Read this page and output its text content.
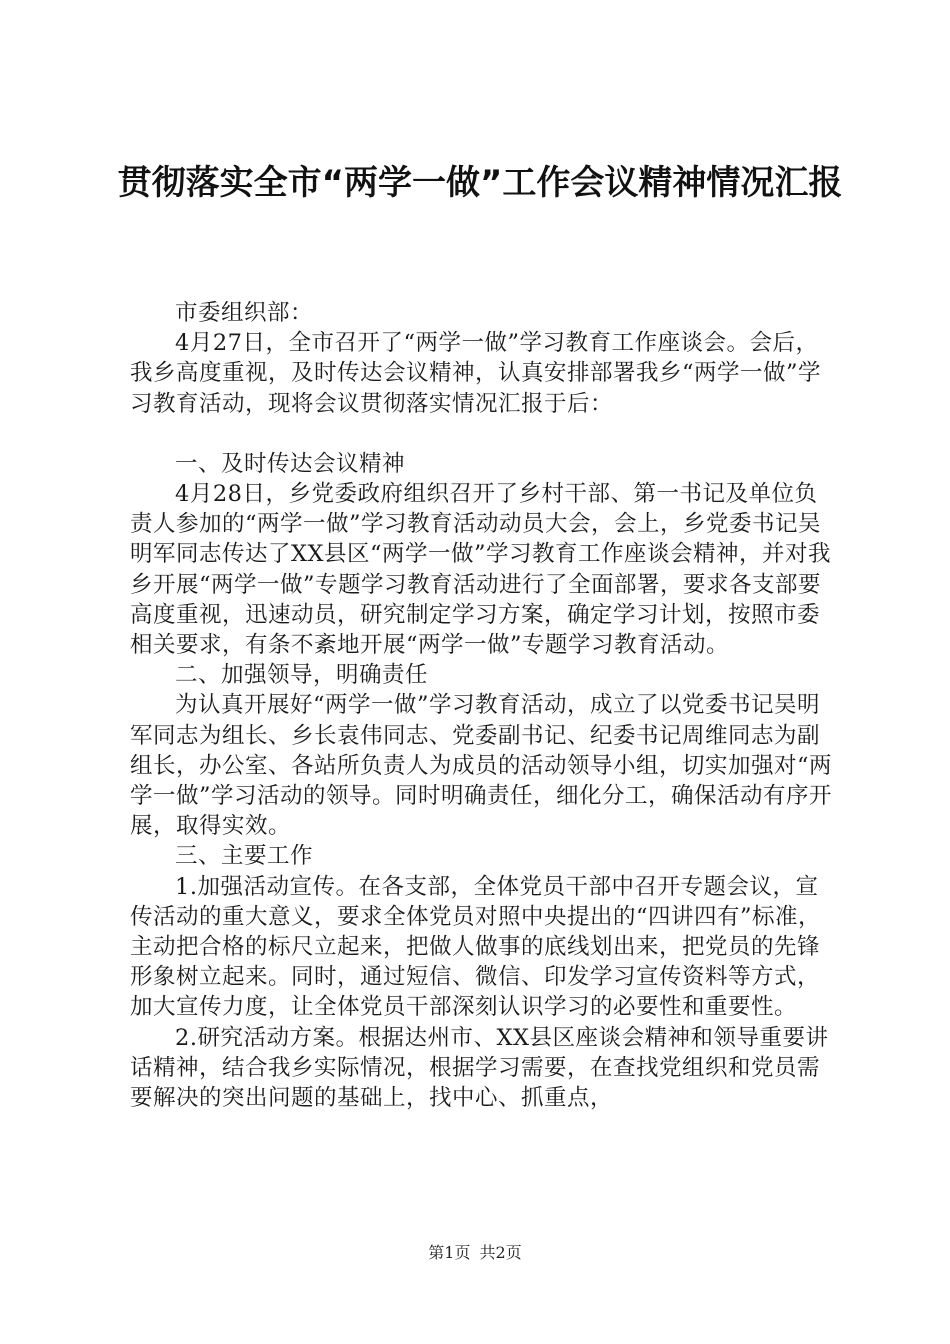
贯彻落实全市“两学一做”工作会议精神情况汇报

市委组织部：

4月27日，全市召开了“两学一做”学习教育工作座谈会。会后，我乡高度重视，及时传达会议精神，认真安排部署我乡“两学一做”学习教育活动，现将会议贯彻落实情况汇报于后：

一、及时传达会议精神

4月28日，乡党委政府组织召开了乡村干部、第一书记及单位负责人参加的“两学一做”学习教育活动动员大会，会上，乡党委书记吴明军同志传达了XX县区“两学一做”学习教育工作座谈会精神，并对我乡开展“两学一做”专题学习教育活动进行了全面部署，要求各支部要高度重视，迅速动员，研究制定学习方案，确定学习计划，按照市委相关要求，有条不紊地开展“两学一做”专题学习教育活动。

二、加强领导，明确责任

为认真开展好“两学一做”学习教育活动，成立了以党委书记吴明军同志为组长、乡长袁伟同志、党委副书记、纪委书记周维同志为副组长，办公室、各站所负责人为成员的活动领导小组，切实加强对“两学一做”学习活动的领导。同时明确责任，细化分工，确保活动有序开展，取得实效。

三、主要工作

1.加强活动宣传。在各支部，全体党员干部中召开专题会议，宣传活动的重大意义，要求全体党员对照中央提出的“四讲四有”标准，主动把合格的标尺立起来，把做人做事的底线划出来，把党员的先锋形象树立起来。同时，通过短信、微信、印发学习宣传资料等方式，加大宣传力度，让全体党员干部深刻认识学习的必要性和重要性。

2.研究活动方案。根据达州市、XX县区座谈会精神和领导重要讲话精神，结合我乡实际情况，根据学习需要，在查找党组织和党员需要解决的突出问题的基础上，找中心、抓重点，

第1页 共2页
